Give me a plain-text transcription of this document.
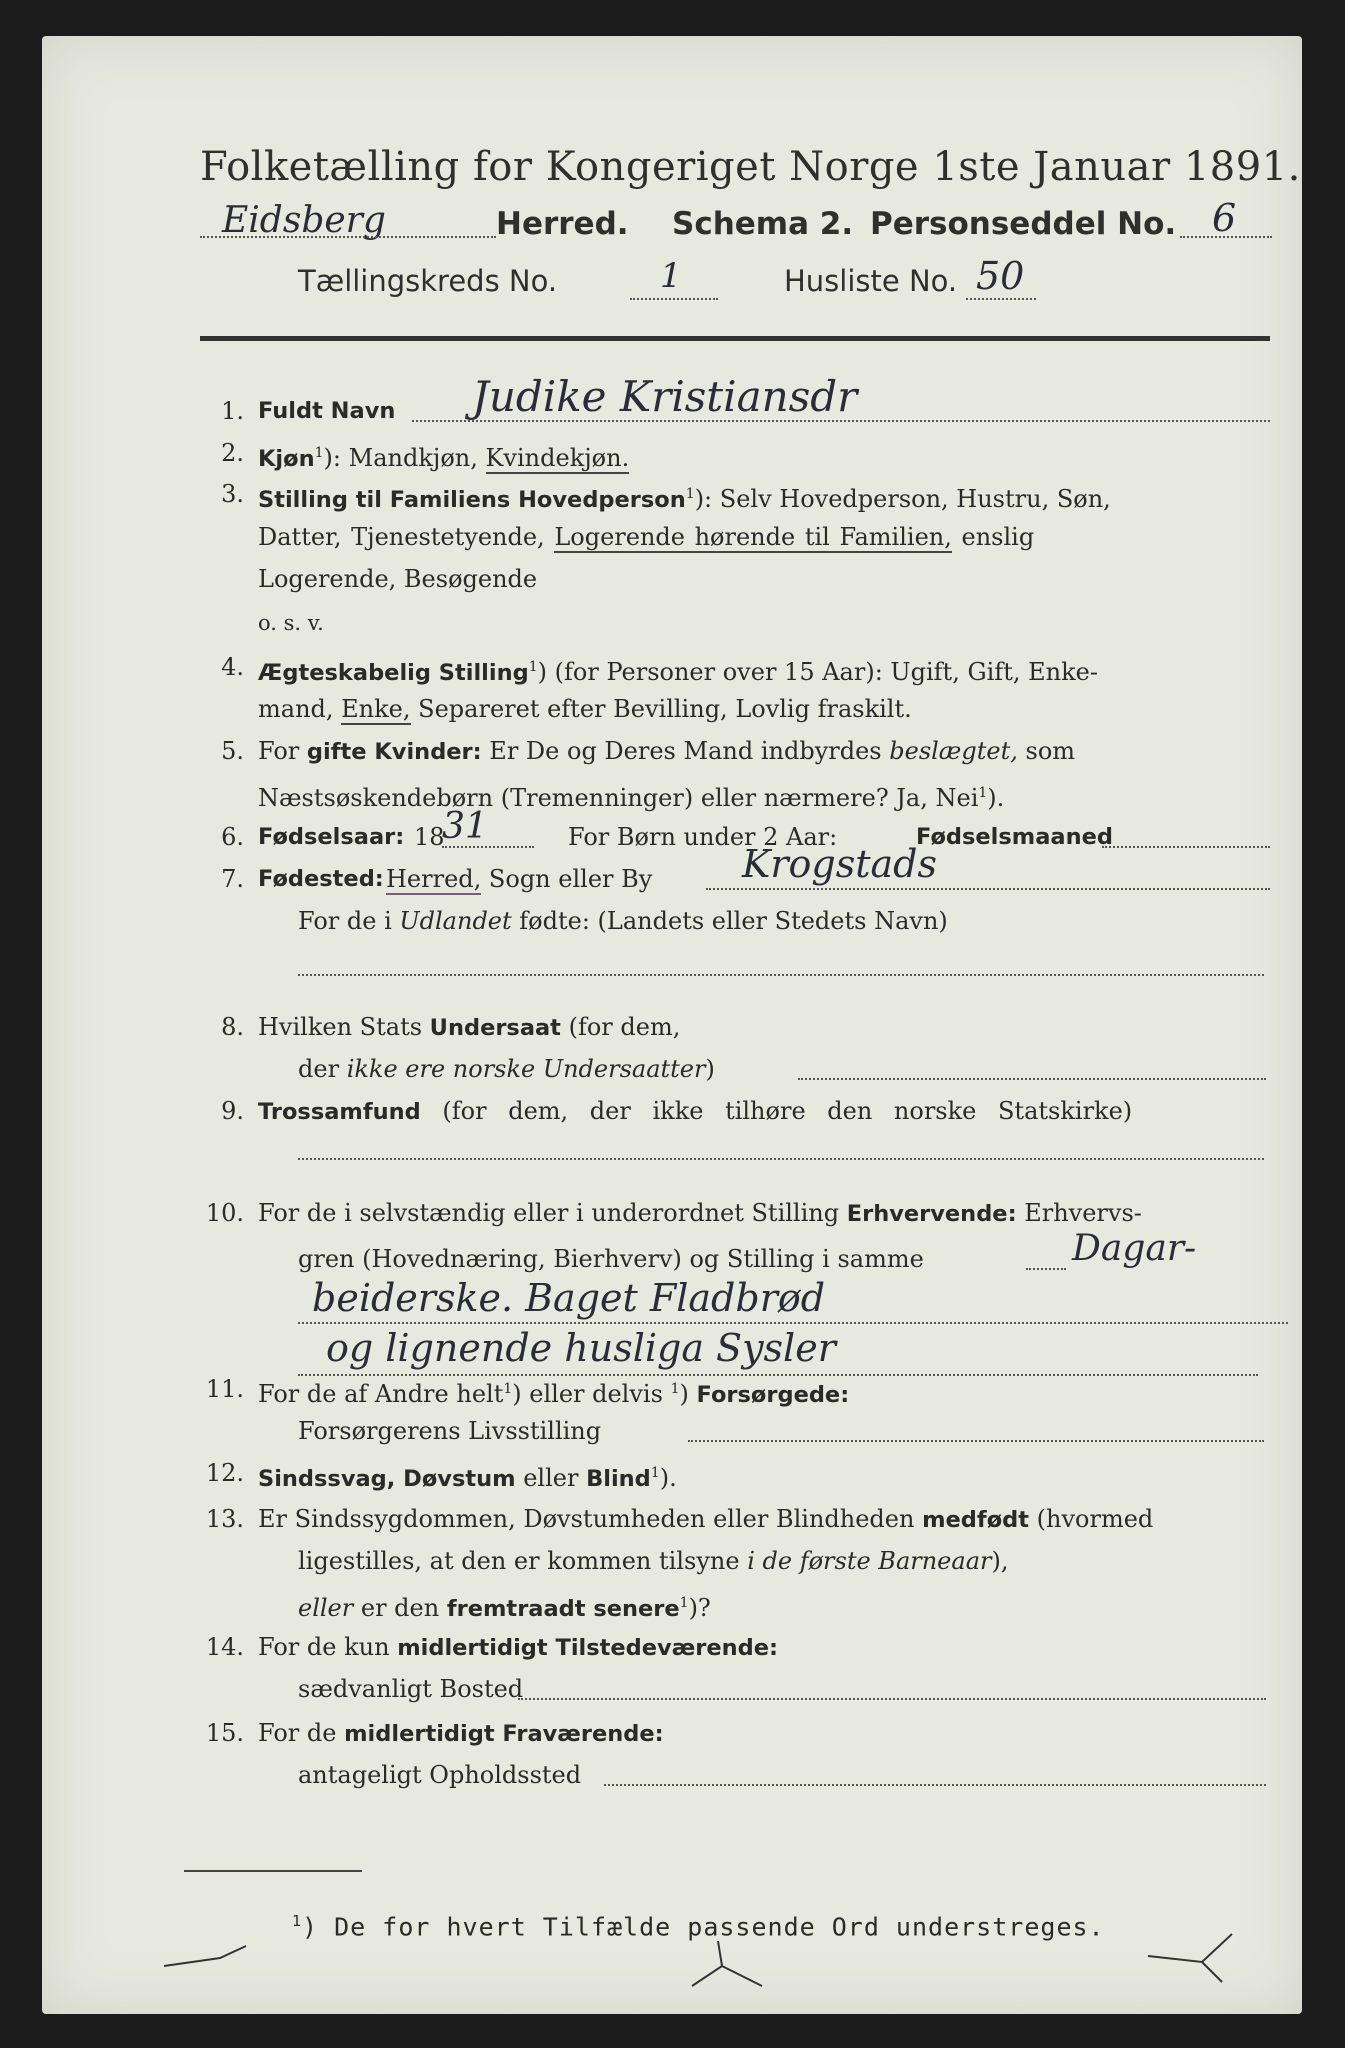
Folketælling for Kongeriget Norge 1ste Januar 1891.
Eidsberg	Herred. Schema 2. Personseddel No. 6
Tællingskreds No.	1	Husliste No. 50
1. Fuldt Navn Judike Kristiansdr
2. Kjøn$^1$): Mandkjøn, Kvindekjøn.
3. Stilling til Familiens Hovedperson$^1$): Selv Hovedperson, Hustru, Søn,
Datter, Tjenestetyende, Logerende hørende til Familien, enslig
Logerende, Besøgende
o. s. v.
4. Ægteskabelig Stilling$^1$) (for Personer over 15 Aar): Ugift, Gift, Enke-
mand, Enke, Separeret efter Bevilling, Lovlig fraskilt.
5. For gifte Kvinder: Er De og Deres Mand indbyrdes beslægtet, som
Næstsøskendebørn (Tremenninger) eller nærmere? Ja, Nei$^1$).
6. Fødselsaar: 18
31	For Børn under 2 Aar:	Fødselsmaaned
7. Fødested: Herred, Sogn eller By Krogstads
For de i Udlandet fødte: (Landets eller Stedets Navn)
8. Hvilken Stats Undersaat (for dem,
der ikke ere norske Undersaatter)
9. Trossamfund (for dem, der ikke tilhøre den norske Statskirke)
10. For de i selvstændig eller i underordnet Stilling Erhvervende: Erhvervs-
gren (Hovednæring, Bierhverv) og Stilling i samme	Dagar-
beiderske. Baget Fladbrød
og lignende husliga Sysler
11. For de af Andre helt$^1$) eller delvis $^1$) Forsørgede:
Forsørgerens Livsstilling
12. Sindssvag, Døvstum eller Blind$^1$).
13. Er Sindssygdommen, Døvstumheden eller Blindheden medfødt (hvormed
ligestilles, at den er kommen tilsyne i de første Barneaar),
eller er den fremtraadt senere$^1$)?
14. For de kun midlertidigt Tilstedeværende:
sædvanligt Bosted
15. For de midlertidigt Fraværende:
antageligt Opholdssted
$^1$) De for hvert Tilfælde passende Ord understreges.
